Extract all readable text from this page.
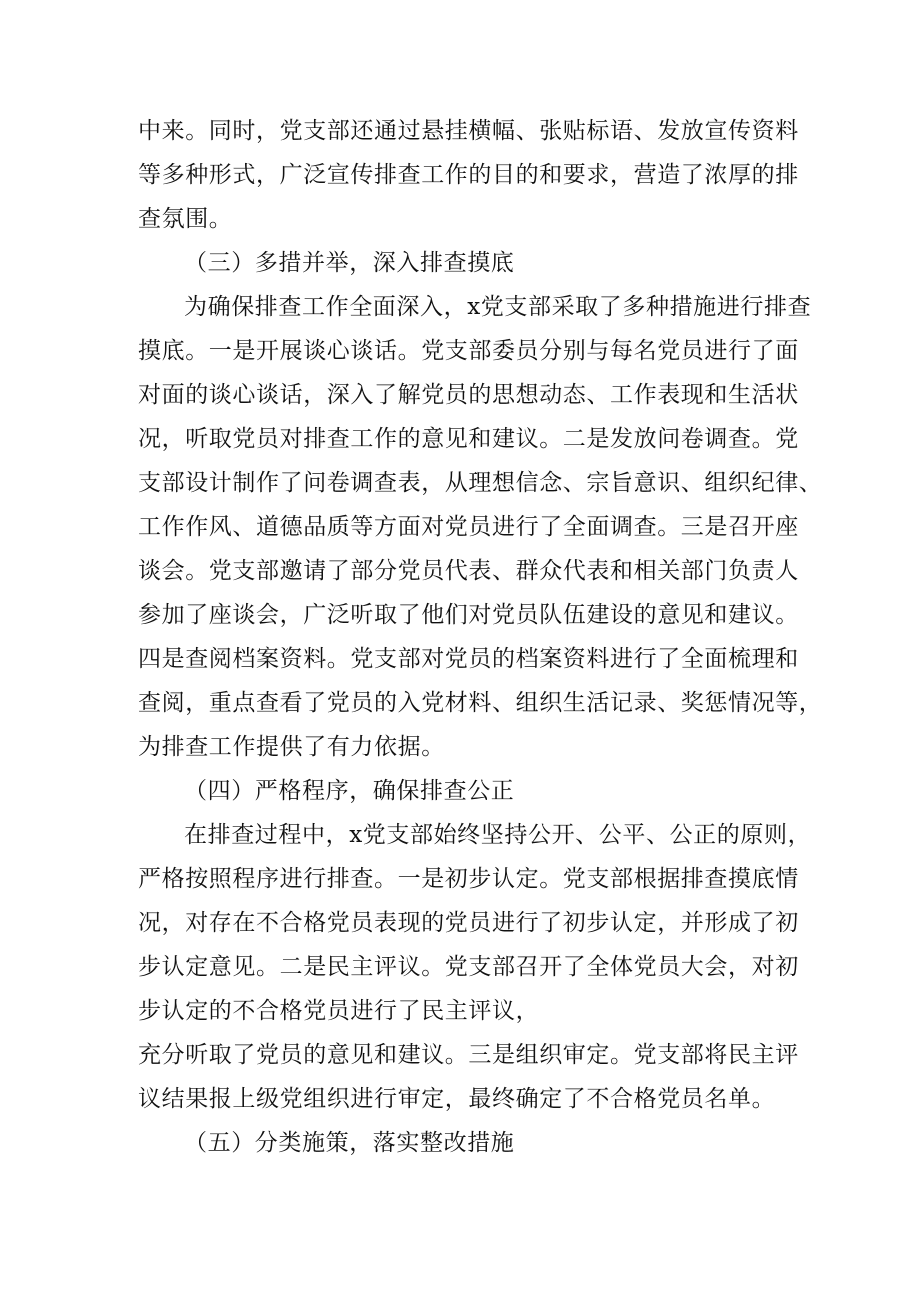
中来。同时，党支部还通过悬挂横幅、张贴标语、发放宣传资料
等多种形式，广泛宣传排查工作的目的和要求，营造了浓厚的排
查氛围。
（三）多措并举，深入排查摸底
为确保排查工作全面深入，x党支部采取了多种措施进行排查
摸底。一是开展谈心谈话。党支部委员分别与每名党员进行了面
对面的谈心谈话，深入了解党员的思想动态、工作表现和生活状
况，听取党员对排查工作的意见和建议。二是发放问卷调查。党
支部设计制作了问卷调查表，从理想信念、宗旨意识、组织纪律、
工作作风、道德品质等方面对党员进行了全面调查。三是召开座
谈会。党支部邀请了部分党员代表、群众代表和相关部门负责人
参加了座谈会，广泛听取了他们对党员队伍建设的意见和建议。
四是查阅档案资料。党支部对党员的档案资料进行了全面梳理和
查阅，重点查看了党员的入党材料、组织生活记录、奖惩情况等，
为排查工作提供了有力依据。
（四）严格程序，确保排查公正
在排查过程中，x党支部始终坚持公开、公平、公正的原则，
严格按照程序进行排查。一是初步认定。党支部根据排查摸底情
况，对存在不合格党员表现的党员进行了初步认定，并形成了初
步认定意见。二是民主评议。党支部召开了全体党员大会，对初
步认定的不合格党员进行了民主评议，
充分听取了党员的意见和建议。三是组织审定。党支部将民主评
议结果报上级党组织进行审定，最终确定了不合格党员名单。
（五）分类施策，落实整改措施
